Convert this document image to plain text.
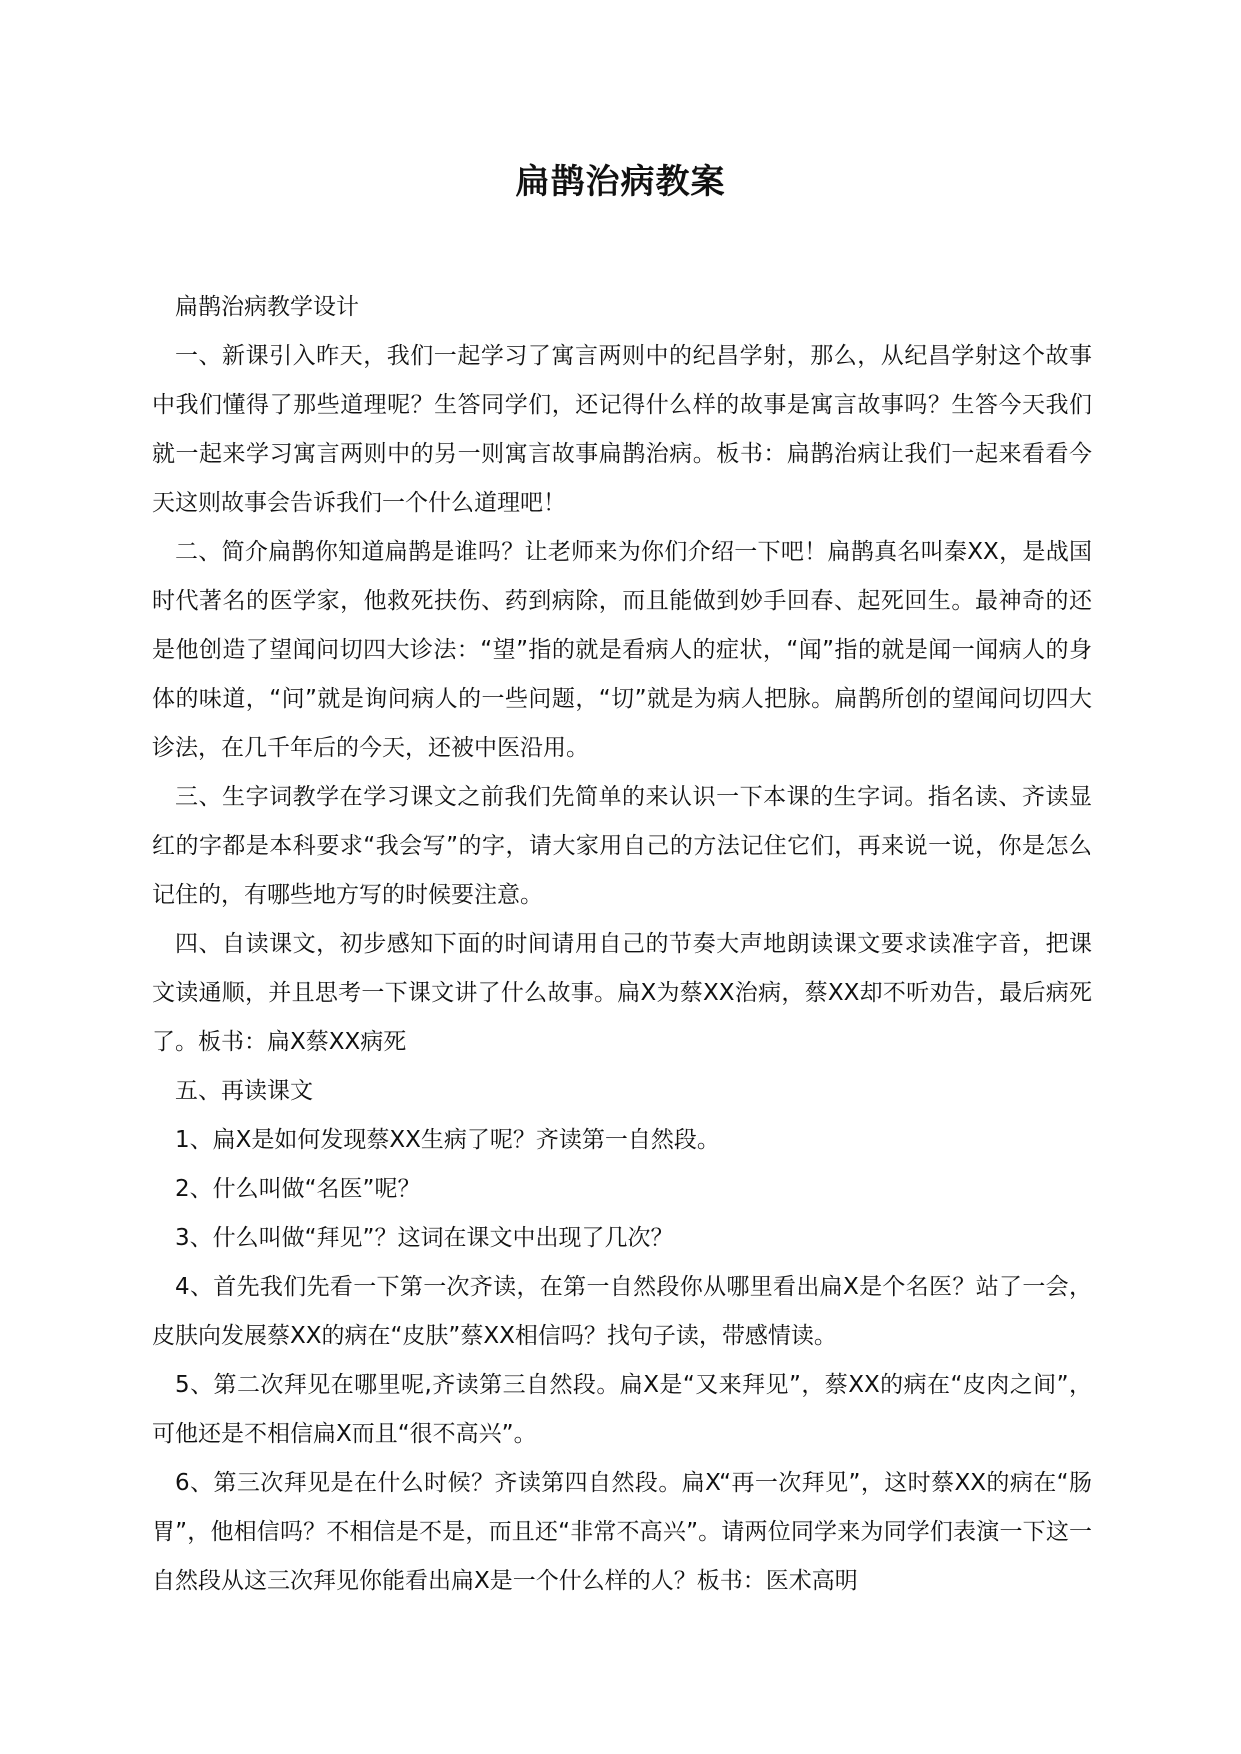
扁鹊治病教案

扁鹊治病教学设计

一、新课引入昨天，我们一起学习了寓言两则中的纪昌学射，那么，从纪昌学射这个故事中我们懂得了那些道理呢？生答同学们，还记得什么样的故事是寓言故事吗？生答今天我们就一起来学习寓言两则中的另一则寓言故事扁鹊治病。板书：扁鹊治病让我们一起来看看今天这则故事会告诉我们一个什么道理吧！

二、简介扁鹊你知道扁鹊是谁吗？让老师来为你们介绍一下吧！扁鹊真名叫秦XX，是战国时代著名的医学家，他救死扶伤、药到病除，而且能做到妙手回春、起死回生。最神奇的还是他创造了望闻问切四大诊法：“望”指的就是看病人的症状，“闻”指的就是闻一闻病人的身体的味道，“问”就是询问病人的一些问题，“切”就是为病人把脉。扁鹊所创的望闻问切四大诊法，在几千年后的今天，还被中医沿用。

三、生字词教学在学习课文之前我们先简单的来认识一下本课的生字词。指名读、齐读显红的字都是本科要求“我会写”的字，请大家用自己的方法记住它们，再来说一说，你是怎么记住的，有哪些地方写的时候要注意。

四、自读课文，初步感知下面的时间请用自己的节奏大声地朗读课文要求读准字音，把课文读通顺，并且思考一下课文讲了什么故事。扁X为蔡XX治病，蔡XX却不听劝告，最后病死了。板书：扁X蔡XX病死

五、再读课文

1、扁X是如何发现蔡XX生病了呢？齐读第一自然段。

2、什么叫做“名医”呢？

3、什么叫做“拜见”？这词在课文中出现了几次？

4、首先我们先看一下第一次齐读，在第一自然段你从哪里看出扁X是个名医？站了一会，皮肤向发展蔡XX的病在“皮肤”蔡XX相信吗？找句子读，带感情读。

5、第二次拜见在哪里呢,齐读第三自然段。扁X是“又来拜见”，蔡XX的病在“皮肉之间”，可他还是不相信扁X而且“很不高兴”。

6、第三次拜见是在什么时候？齐读第四自然段。扁X“再一次拜见”，这时蔡XX的病在“肠胃”，他相信吗？不相信是不是，而且还“非常不高兴”。请两位同学来为同学们表演一下这一自然段从这三次拜见你能看出扁X是一个什么样的人？板书：医术高明
